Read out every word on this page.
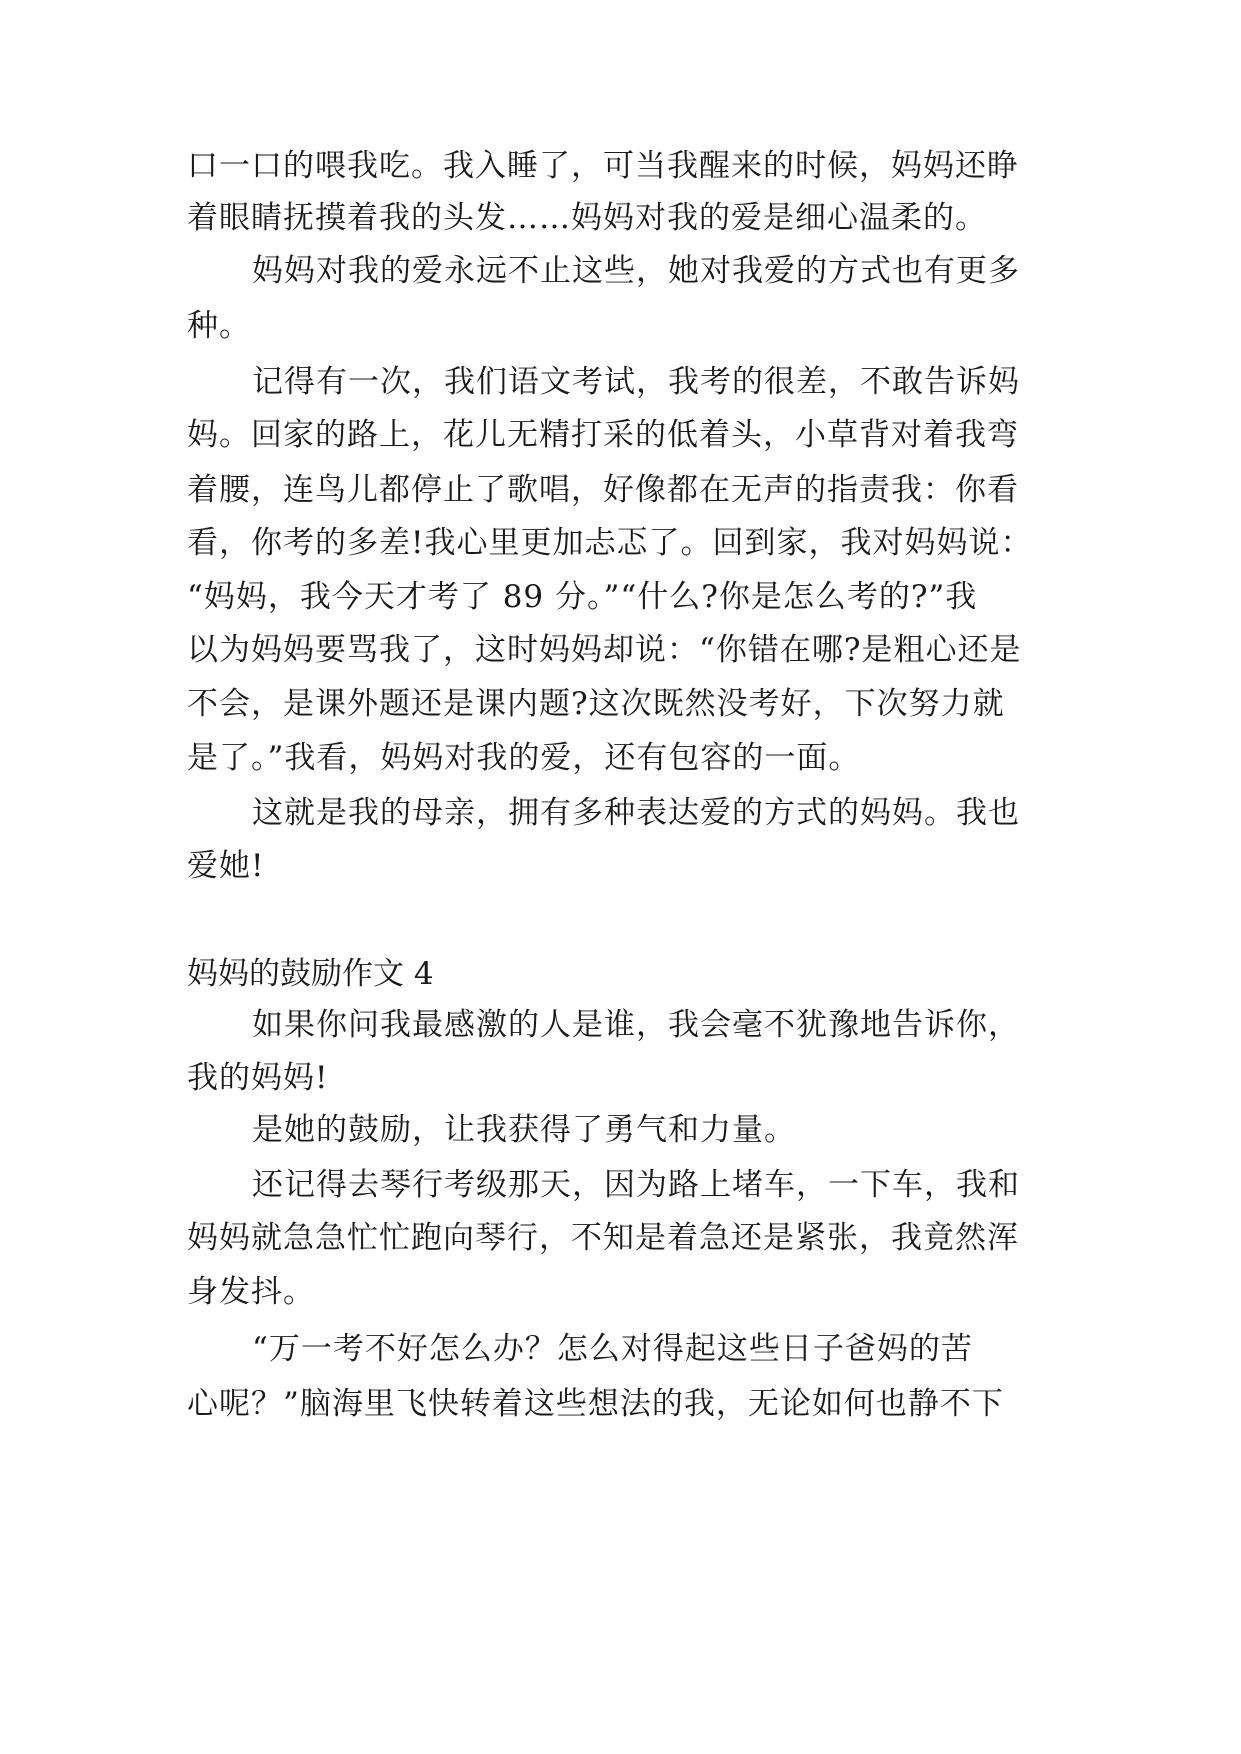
口一口的喂我吃。我入睡了，可当我醒来的时候，妈妈还睁

着眼睛抚摸着我的头发……妈妈对我的爱是细心温柔的。

妈妈对我的爱永远不止这些，她对我爱的方式也有更多

种。

记得有一次，我们语文考试，我考的很差，不敢告诉妈

妈。回家的路上，花儿无精打采的低着头，小草背对着我弯

着腰，连鸟儿都停止了歌唱，好像都在无声的指责我：你看

看，你考的多差!我心里更加忐忑了。回到家，我对妈妈说：

“妈妈，我今天才考了 89 分。”“什么?你是怎么考的?”我

以为妈妈要骂我了，这时妈妈却说：“你错在哪?是粗心还是

不会，是课外题还是课内题?这次既然没考好，下次努力就

是了。”我看，妈妈对我的爱，还有包容的一面。

这就是我的母亲，拥有多种表达爱的方式的妈妈。我也

爱她!

妈妈的鼓励作文 4

如果你问我最感激的人是谁，我会毫不犹豫地告诉你，

我的妈妈!

是她的鼓励，让我获得了勇气和力量。

还记得去琴行考级那天，因为路上堵车，一下车，我和

妈妈就急急忙忙跑向琴行，不知是着急还是紧张，我竟然浑

身发抖。

“万一考不好怎么办？怎么对得起这些日子爸妈的苦

心呢？”脑海里飞快转着这些想法的我，无论如何也静不下
